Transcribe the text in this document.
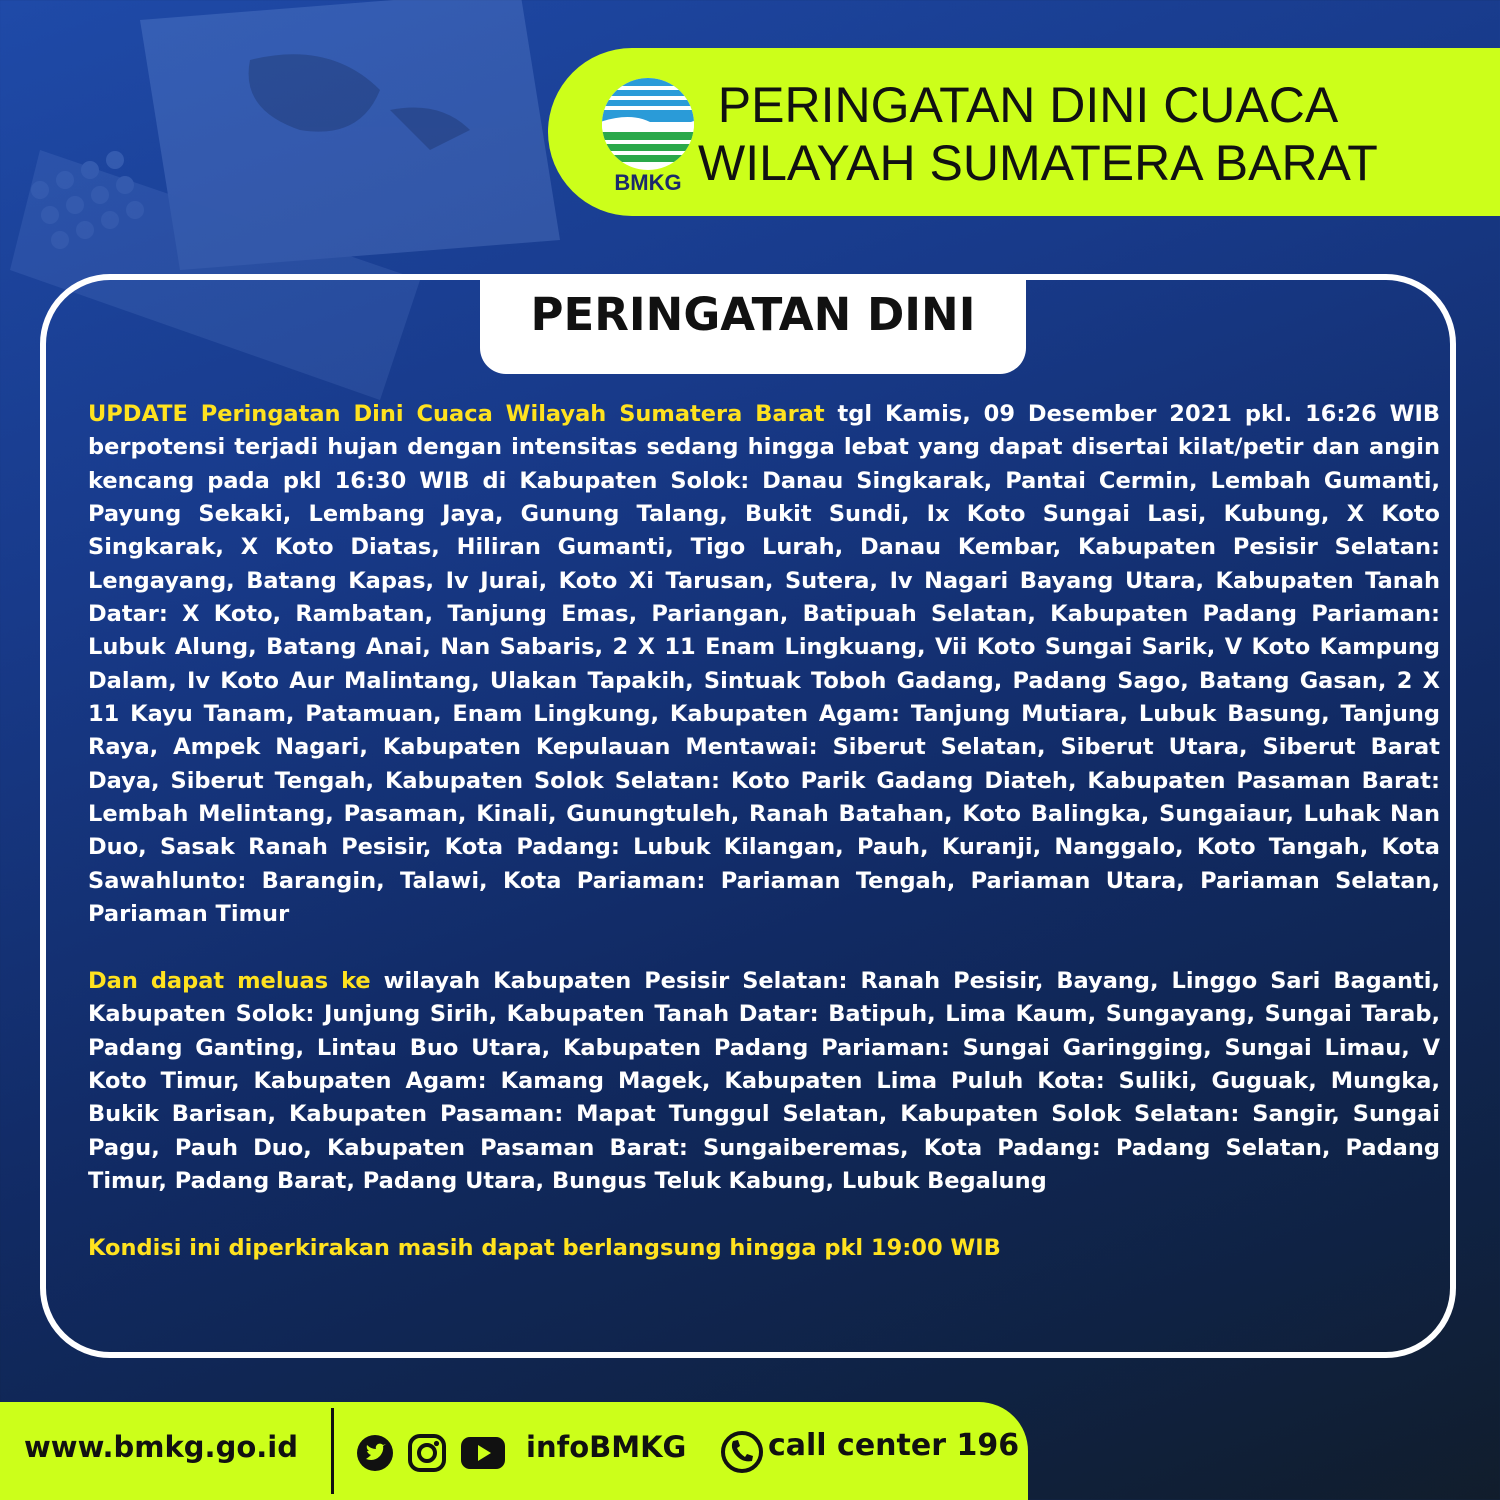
BMKG
PERINGATAN DINI CUACA
WILAYAH SUMATERA BARAT
PERINGATAN DINI

UPDATE Peringatan Dini Cuaca Wilayah Sumatera Barat tgl Kamis, 09 Desember 2021 pkl. 16:26 WIB berpotensi terjadi hujan dengan intensitas sedang hingga lebat yang dapat disertai kilat/petir dan angin kencang pada pkl 16:30 WIB di Kabupaten Solok: Danau Singkarak, Pantai Cermin, Lembah Gumanti, Payung Sekaki, Lembang Jaya, Gunung Talang, Bukit Sundi, Ix Koto Sungai Lasi, Kubung, X Koto Singkarak, X Koto Diatas, Hiliran Gumanti, Tigo Lurah, Danau Kembar, Kabupaten Pesisir Selatan: Lengayang, Batang Kapas, Iv Jurai, Koto Xi Tarusan, Sutera, Iv Nagari Bayang Utara, Kabupaten Tanah Datar: X Koto, Rambatan, Tanjung Emas, Pariangan, Batipuah Selatan, Kabupaten Padang Pariaman: Lubuk Alung, Batang Anai, Nan Sabaris, 2 X 11 Enam Lingkuang, Vii Koto Sungai Sarik, V Koto Kampung Dalam, Iv Koto Aur Malintang, Ulakan Tapakih, Sintuak Toboh Gadang, Padang Sago, Batang Gasan, 2 X 11 Kayu Tanam, Patamuan, Enam Lingkung, Kabupaten Agam: Tanjung Mutiara, Lubuk Basung, Tanjung Raya, Ampek Nagari, Kabupaten Kepulauan Mentawai: Siberut Selatan, Siberut Utara, Siberut Barat Daya, Siberut Tengah, Kabupaten Solok Selatan: Koto Parik Gadang Diateh, Kabupaten Pasaman Barat: Lembah Melintang, Pasaman, Kinali, Gunungtuleh, Ranah Batahan, Koto Balingka, Sungaiaur, Luhak Nan Duo, Sasak Ranah Pesisir, Kota Padang: Lubuk Kilangan, Pauh, Kuranji, Nanggalo, Koto Tangah, Kota Sawahlunto: Barangin, Talawi, Kota Pariaman: Pariaman Tengah, Pariaman Utara, Pariaman Selatan, Pariaman Timur

Dan dapat meluas ke wilayah Kabupaten Pesisir Selatan: Ranah Pesisir, Bayang, Linggo Sari Baganti, Kabupaten Solok: Junjung Sirih, Kabupaten Tanah Datar: Batipuh, Lima Kaum, Sungayang, Sungai Tarab, Padang Ganting, Lintau Buo Utara, Kabupaten Padang Pariaman: Sungai Garingging, Sungai Limau, V Koto Timur, Kabupaten Agam: Kamang Magek, Kabupaten Lima Puluh Kota: Suliki, Guguak, Mungka, Bukik Barisan, Kabupaten Pasaman: Mapat Tunggul Selatan, Kabupaten Solok Selatan: Sangir, Sungai Pagu, Pauh Duo, Kabupaten Pasaman Barat: Sungaiberemas, Kota Padang: Padang Selatan, Padang Timur, Padang Barat, Padang Utara, Bungus Teluk Kabung, Lubuk Begalung

Kondisi ini diperkirakan masih dapat berlangsung hingga pkl 19:00 WIB

www.bmkg.go.id	infoBMKG	call center 196
